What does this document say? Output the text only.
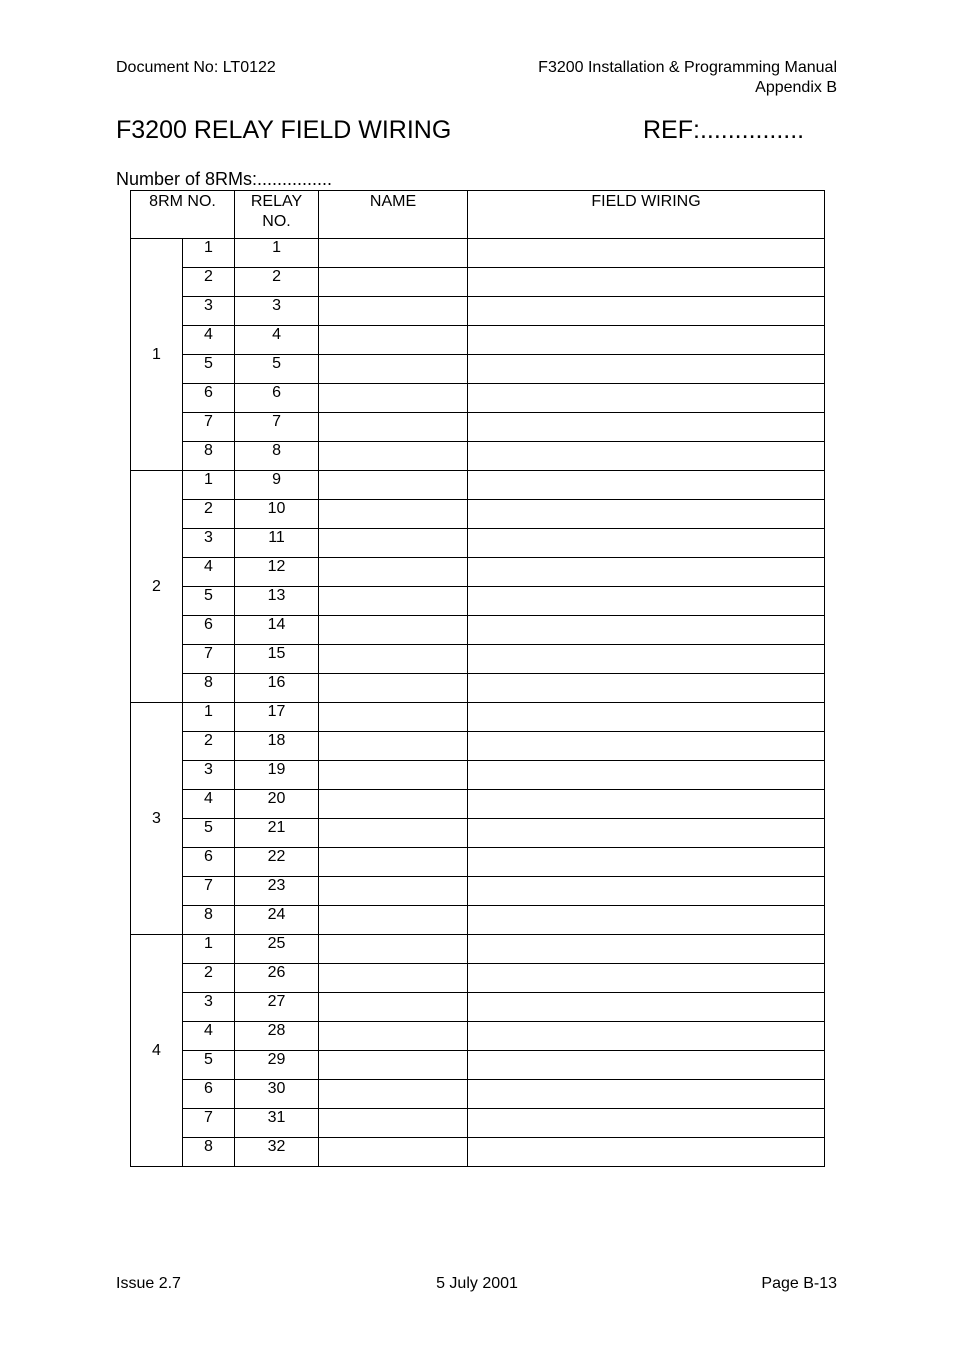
Document No: LT0122	F3200 Installation & Programming Manual
Appendix B
F3200 RELAY FIELD WIRING	REF:...............
Number of 8RMs:...............
8RM NO.		RELAY NO.	NAME	FIELD WIRING
1	1	1		
	2	2		
	3	3		
	4	4		
	5	5		
	6	6		
	7	7		
	8	8		
2	1	9		
	2	10		
	3	11		
	4	12		
	5	13		
	6	14		
	7	15		
	8	16		
3	1	17		
	2	18		
	3	19		
	4	20		
	5	21		
	6	22		
	7	23		
	8	24		
4	1	25		
	2	26		
	3	27		
	4	28		
	5	29		
	6	30		
	7	31		
	8	32		
Issue 2.7	5 July 2001	Page B-13
